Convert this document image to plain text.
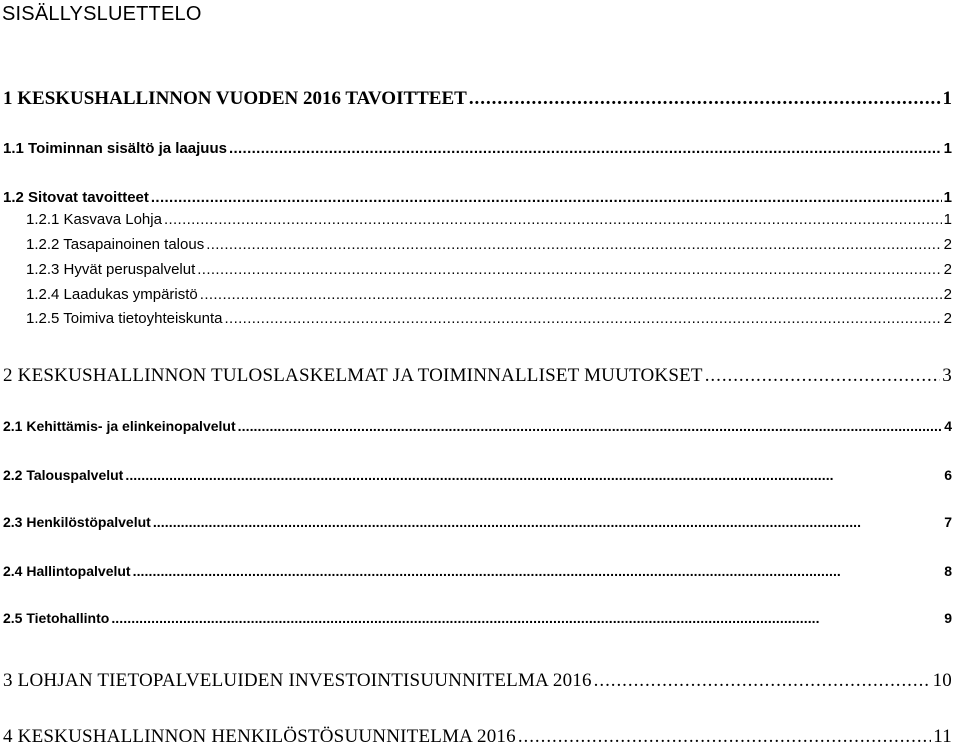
SISÄLLYSLUETTELO
1 KESKUSHALLINNON VUODEN 2016 TAVOITTEET . . .	1
1.1 Toiminnan sisältö ja laajuus . . .	1
1.2 Sitovat tavoitteet . . .	1
1.2.1 Kasvava Lohja . . .	1
1.2.2 Tasapainoinen talous . . .	2
1.2.3 Hyvät peruspalvelut . . .	2
1.2.4 Laadukas ympäristö . . .	2
1.2.5 Toimiva tietoyhteiskunta . . .	2
2 KESKUSHALLINNON TULOSLASKELMAT JA TOIMINNALLISET MUUTOKSET . . .	3
2.1 Kehittämis- ja elinkeinopalvelut . . .	4
2.2 Talouspalvelut . . .	6
2.3 Henkilöstöpalvelut . . .	7
2.4 Hallintopalvelut . . .	8
2.5 Tietohallinto . . .	9
3 LOHJAN TIETOPALVELUIDEN INVESTOINTISUUNNITELMA 2016 . . .	10
4 KESKUSHALLINNON HENKILÖSTÖSUUNNITELMA 2016 . . .	11
